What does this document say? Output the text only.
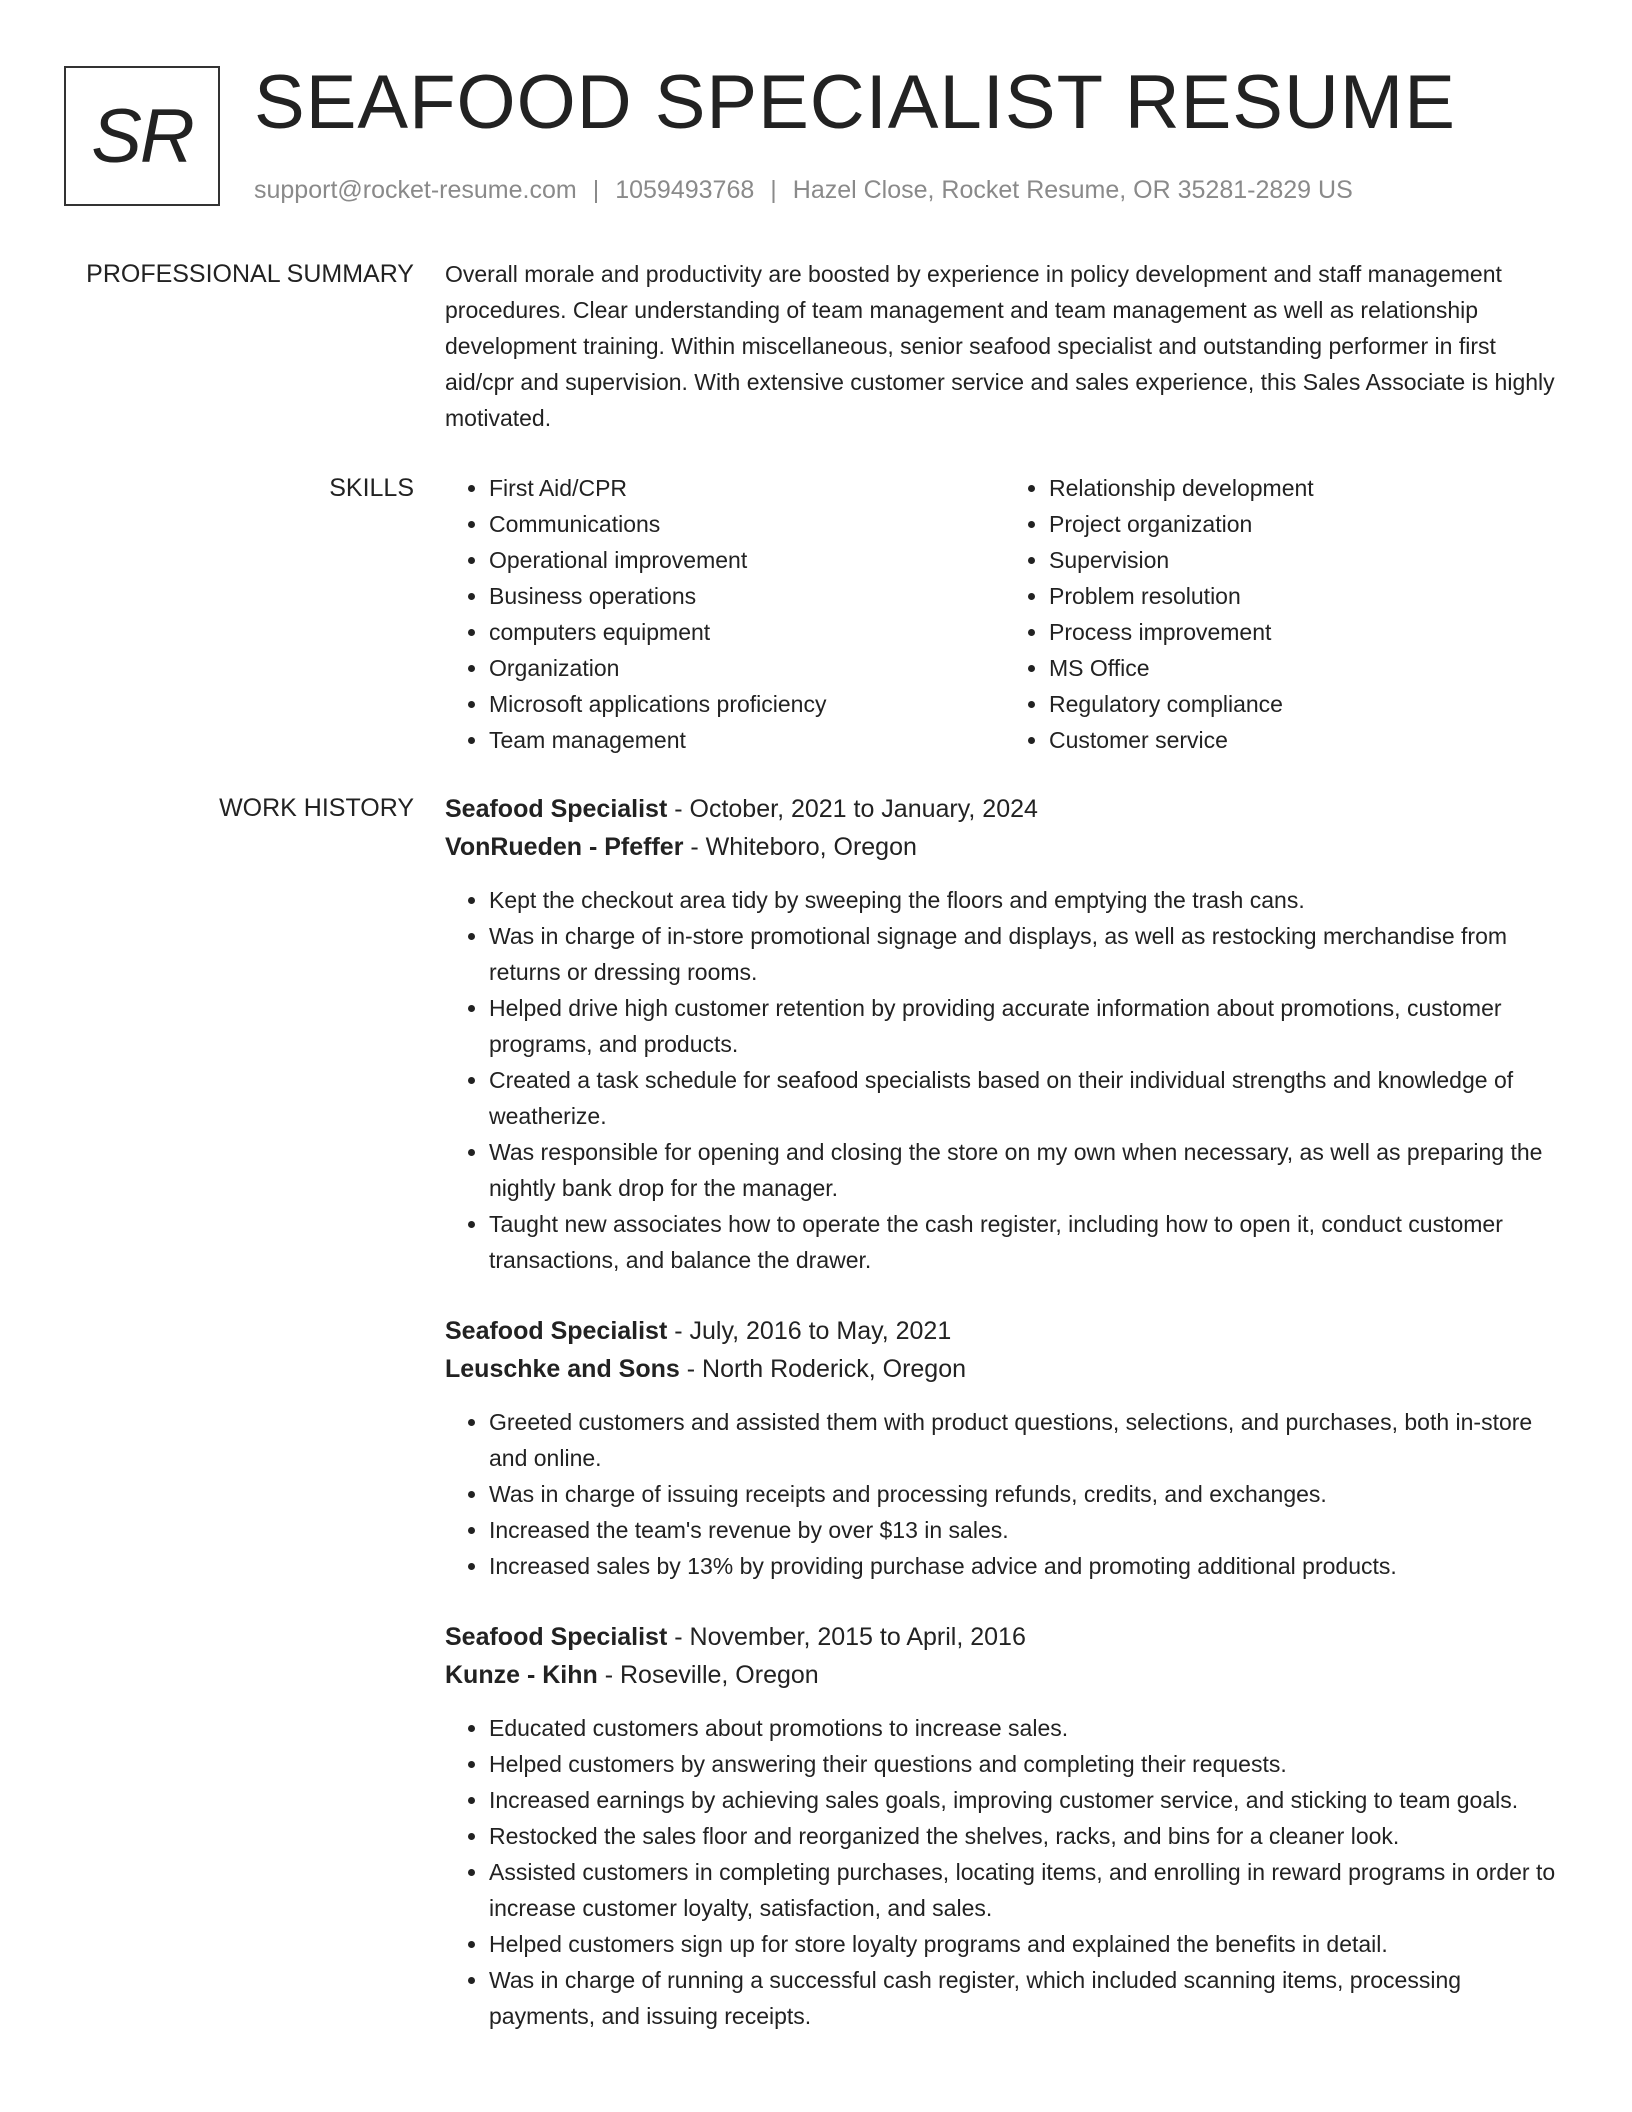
SR SEAFOOD SPECIALIST RESUME
support@rocket-resume.com | 1059493768 | Hazel Close, Rocket Resume, OR 35281-2829 US
PROFESSIONAL SUMMARY Overall morale and productivity are boosted by experience in policy development and staff management procedures. Clear understanding of team management and team management as well as relationship development training. Within miscellaneous, senior seafood specialist and outstanding performer in first aid/cpr and supervision. With extensive customer service and sales experience, this Sales Associate is highly motivated.

SKILLS
•	First Aid/CPR
• Communications
• Operational improvement
• Business operations
• computers equipment
• Organization
• Microsoft applications proficiency
• Team management
• Relationship development
• Project organization
• Supervision
• Problem resolution
• Process improvement
• MS Office
• Regulatory compliance
• Customer service
WORK HISTORY Seafood Specialist - October, 2021 to January, 2024
VonRueden - Pfeffer - Whiteboro, Oregon
• Kept the checkout area tidy by sweeping the floors and emptying the trash cans.
• Was in charge of in-store promotional signage and displays, as well as restocking merchandise from returns or dressing rooms.
• Helped drive high customer retention by providing accurate information about promotions, customer programs, and products.
• Created a task schedule for seafood specialists based on their individual strengths and knowledge of weatherize.
• Was responsible for opening and closing the store on my own when necessary, as well as preparing the nightly bank drop for the manager.
• Taught new associates how to operate the cash register, including how to open it, conduct customer transactions, and balance the drawer.
Seafood Specialist - July, 2016 to May, 2021
Leuschke and Sons - North Roderick, Oregon
• Greeted customers and assisted them with product questions, selections, and purchases, both in-store and online.
• Was in charge of issuing receipts and processing refunds, credits, and exchanges.
• Increased the team's revenue by over $13 in sales.
• Increased sales by 13% by providing purchase advice and promoting additional products.
Seafood Specialist - November, 2015 to April, 2016
Kunze - Kihn - Roseville, Oregon
• Educated customers about promotions to increase sales.
• Helped customers by answering their questions and completing their requests.
• Increased earnings by achieving sales goals, improving customer service, and sticking to team goals.
• Restocked the sales floor and reorganized the shelves, racks, and bins for a cleaner look.
• Assisted customers in completing purchases, locating items, and enrolling in reward programs in order to increase customer loyalty, satisfaction, and sales.
• Helped customers sign up for store loyalty programs and explained the benefits in detail.
• Was in charge of running a successful cash register, which included scanning items, processing payments, and issuing receipts.
